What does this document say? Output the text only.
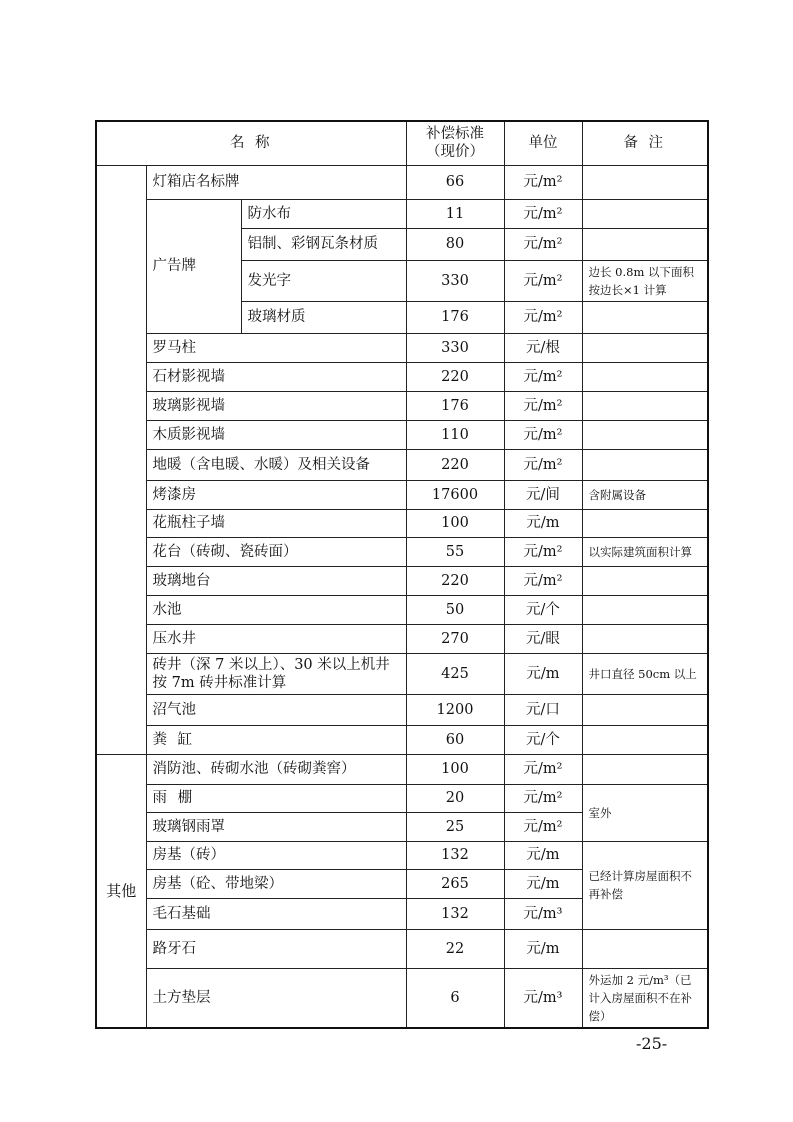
名 称			补偿标准（现价）	单位	备 注
	灯箱店名标牌		66	元/m²	
	广告牌	防水布	11	元/m²	
		铝制、彩钢瓦条材质	80	元/m²	
		发光字	330	元/m²	边长 0.8m 以下面积按边长×1 计算
		玻璃材质	176	元/m²	
	罗马柱		330	元/根	
	石材影视墙		220	元/m²	
	玻璃影视墙		176	元/m²	
	木质影视墙		110	元/m²	
	地暖（含电暖、水暖）及相关设备		220	元/m²	
	烤漆房		17600	元/间	含附属设备
	花瓶柱子墙		100	元/m	
	花台（砖砌、瓷砖面）		55	元/m²	以实际建筑面积计算
	玻璃地台		220	元/m²	
	水池		50	元/个	
	压水井		270	元/眼	
	砖井（深 7 米以上）、30 米以上机井按 7m 砖井标准计算		425	元/m	井口直径 50cm 以上
	沼气池		1200	元/口	
	粪 缸		60	元/个	
其他	消防池、砖砌水池（砖砌粪窖）		100	元/m²	
	雨 棚		20	元/m²	室外
	玻璃钢雨罩		25	元/m²	
	房基（砖）		132	元/m	已经计算房屋面积不再补偿
	房基（砼、带地梁）		265	元/m	
	毛石基础		132	元/m³	
	路牙石		22	元/m	
	土方垫层		6	元/m³	外运加 2 元/m³（已计入房屋面积不在补偿）
-25-
